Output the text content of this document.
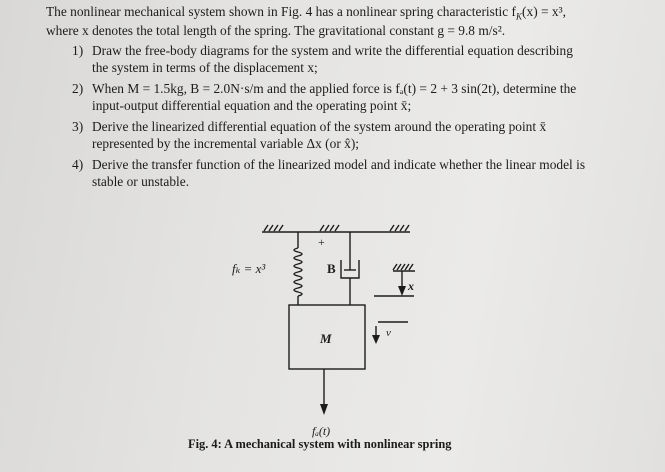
The nonlinear mechanical system shown in Fig. 4 has a nonlinear spring characteristic $f_K(x) = x^3$,
where x denotes the total length of the spring. The gravitational constant g = 9.8 m/s².
1) Draw the free-body diagrams for the system and write the differential equation describing
the system in terms of the displacement x;
2) When M = 1.5kg, B = 2.0N·s/m and the applied force is fₐ(t) = 2 + 3 sin(2t), determine the
input-output differential equation and the operating point x̄;
3) Derive the linearized differential equation of the system around the operating point x̄
represented by the incremental variable Δx (or x̂);
4) Derive the transfer function of the linearized model and indicate whether the linear model is
stable or unstable.
fₖ = x³	B
+
M
x
v
fₐ(t)
Fig. 4: A mechanical system with nonlinear spring
